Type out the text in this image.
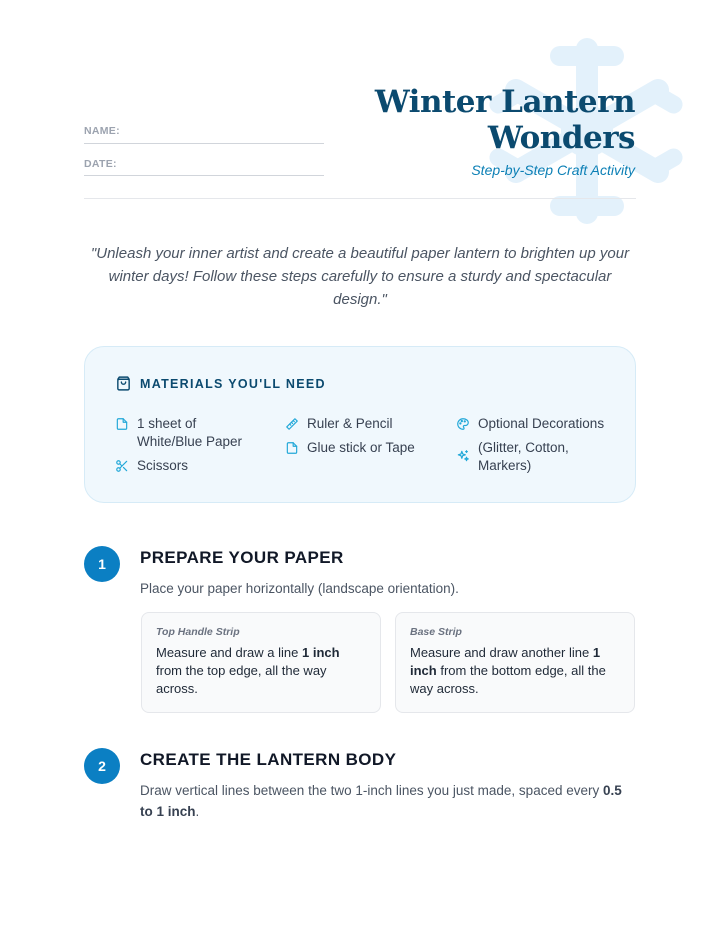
NAME:
DATE:
Winter Lantern
Wonders
Step-by-Step Craft Activity

"Unleash your inner artist and create a beautiful paper lantern to brighten up your winter days! Follow these steps carefully to ensure a sturdy and spectacular design."

MATERIALS YOU'LL NEED
1 sheet of White/Blue Paper
Scissors
Ruler & Pencil
Glue stick or Tape
Optional Decorations
(Glitter, Cotton, Markers)
1	PREPARE YOUR PAPER
Place your paper horizontally (landscape orientation).
Top Handle Strip
Measure and draw a line 1 inch from the top edge, all the way across.
Base Strip
Measure and draw another line 1 inch from the bottom edge, all the way across.
2	CREATE THE LANTERN BODY
Draw vertical lines between the two 1-inch lines you just made, spaced every 0.5 to 1 inch.
